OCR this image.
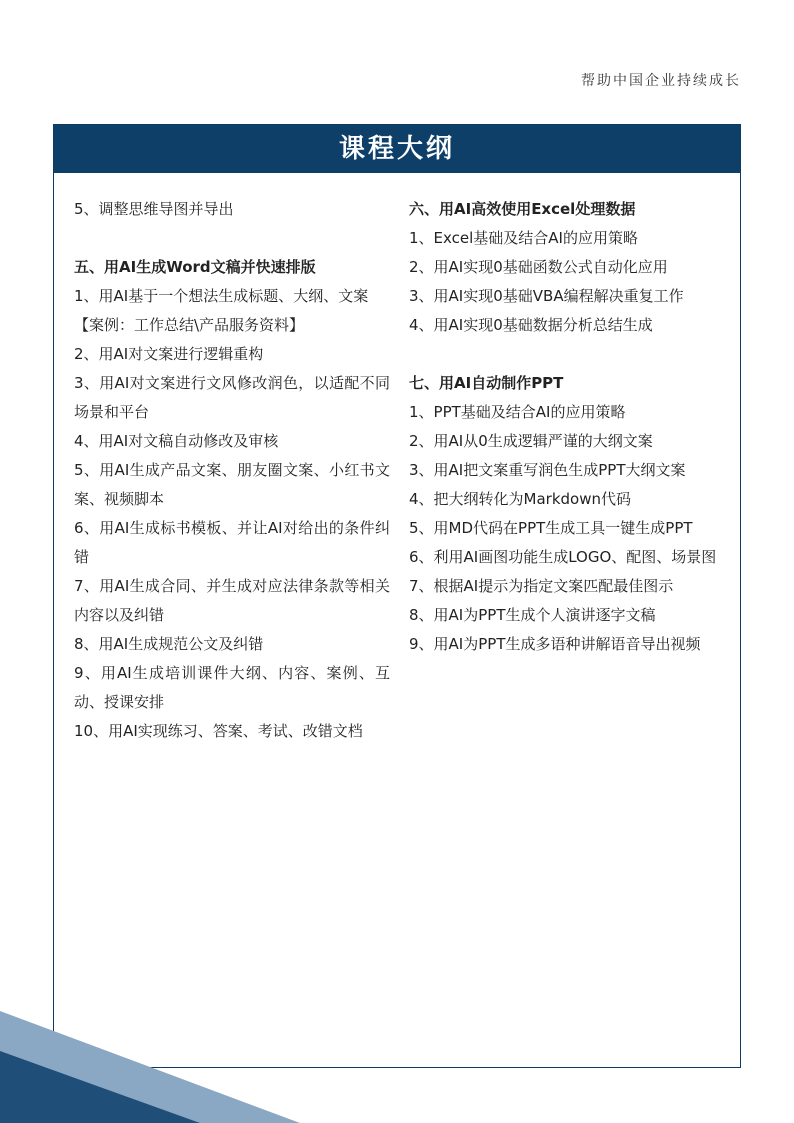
帮助中国企业持续成长
课程大纲
5、调整思维导图并导出
五、用AI生成Word文稿并快速排版
1、用AI基于一个想法生成标题、大纲、文案
【案例：工作总结\产品服务资料】
2、用AI对文案进行逻辑重构
3、用AI对文案进行文风修改润色，以适配不同场景和平台
4、用AI对文稿自动修改及审核
5、用AI生成产品文案、朋友圈文案、小红书文案、视频脚本
6、用AI生成标书模板、并让AI对给出的条件纠错
7、用AI生成合同、并生成对应法律条款等相关内容以及纠错
8、用AI生成规范公文及纠错
9、用AI生成培训课件大纲、内容、案例、互动、授课安排
10、用AI实现练习、答案、考试、改错文档
六、用AI高效使用Excel处理数据
1、Excel基础及结合AI的应用策略
2、用AI实现0基础函数公式自动化应用
3、用AI实现0基础VBA编程解决重复工作
4、用AI实现0基础数据分析总结生成
七、用AI自动制作PPT
1、PPT基础及结合AI的应用策略
2、用AI从0生成逻辑严谨的大纲文案
3、用AI把文案重写润色生成PPT大纲文案
4、把大纲转化为Markdown代码
5、用MD代码在PPT生成工具一键生成PPT
6、利用AI画图功能生成LOGO、配图、场景图
7、根据AI提示为指定文案匹配最佳图示
8、用AI为PPT生成个人演讲逐字文稿
9、用AI为PPT生成多语种讲解语音导出视频
